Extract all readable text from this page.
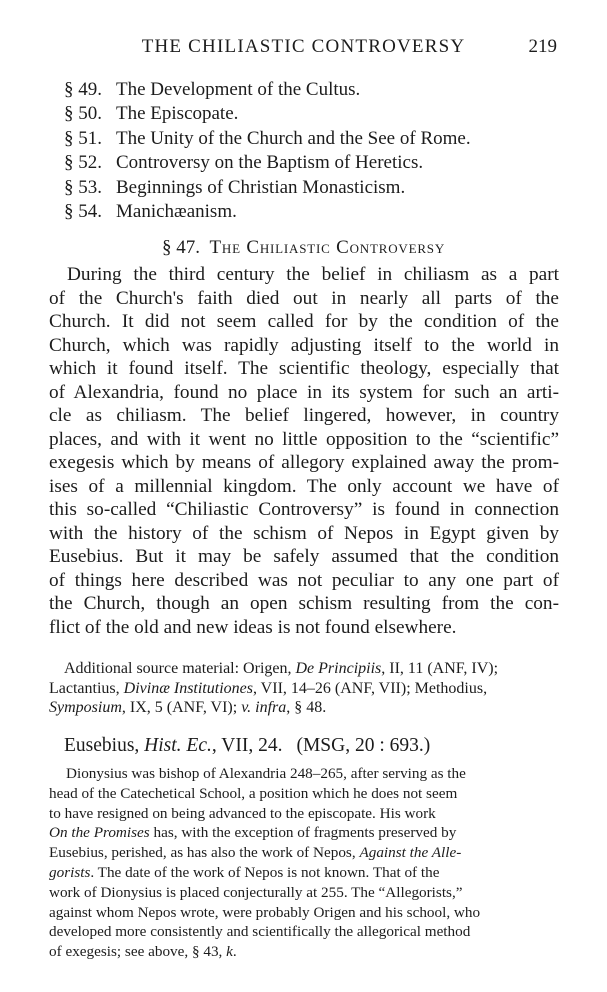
THE CHILIASTIC CONTROVERSY	219
§ 49. The Development of the Cultus.
§ 50. The Episcopate.
§ 51. The Unity of the Church and the See of Rome.
§ 52. Controversy on the Baptism of Heretics.
§ 53. Beginnings of Christian Monasticism.
§ 54. Manichæanism.
§ 47. The Chiliastic Controversy
During the third century the belief in chiliasm as a part
of the Church's faith died out in nearly all parts of the
Church. It did not seem called for by the condition of the
Church, which was rapidly adjusting itself to the world in
which it found itself. The scientific theology, especially that
of Alexandria, found no place in its system for such an arti-
cle as chiliasm. The belief lingered, however, in country
places, and with it went no little opposition to the “scientific”
exegesis which by means of allegory explained away the prom-
ises of a millennial kingdom. The only account we have of
this so-called “Chiliastic Controversy” is found in connection
with the history of the schism of Nepos in Egypt given by
Eusebius. But it may be safely assumed that the condition
of things here described was not peculiar to any one part of
the Church, though an open schism resulting from the con-
flict of the old and new ideas is not found elsewhere.
Additional source material: Origen, De Principiis, II, 11 (ANF, IV);
Lactantius, Divinæ Institutiones, VII, 14–26 (ANF, VII); Methodius,
Symposium, IX, 5 (ANF, VI); v. infra, § 48.
Eusebius, Hist. Ec., VII, 24. (MSG, 20 : 693.)
Dionysius was bishop of Alexandria 248–265, after serving as the
head of the Catechetical School, a position which he does not seem
to have resigned on being advanced to the episcopate. His work
On the Promises has, with the exception of fragments preserved by
Eusebius, perished, as has also the work of Nepos, Against the Alle-
gorists. The date of the work of Nepos is not known. That of the
work of Dionysius is placed conjecturally at 255. The “Allegorists,”
against whom Nepos wrote, were probably Origen and his school, who
developed more consistently and scientifically the allegorical method
of exegesis; see above, § 43, k.
